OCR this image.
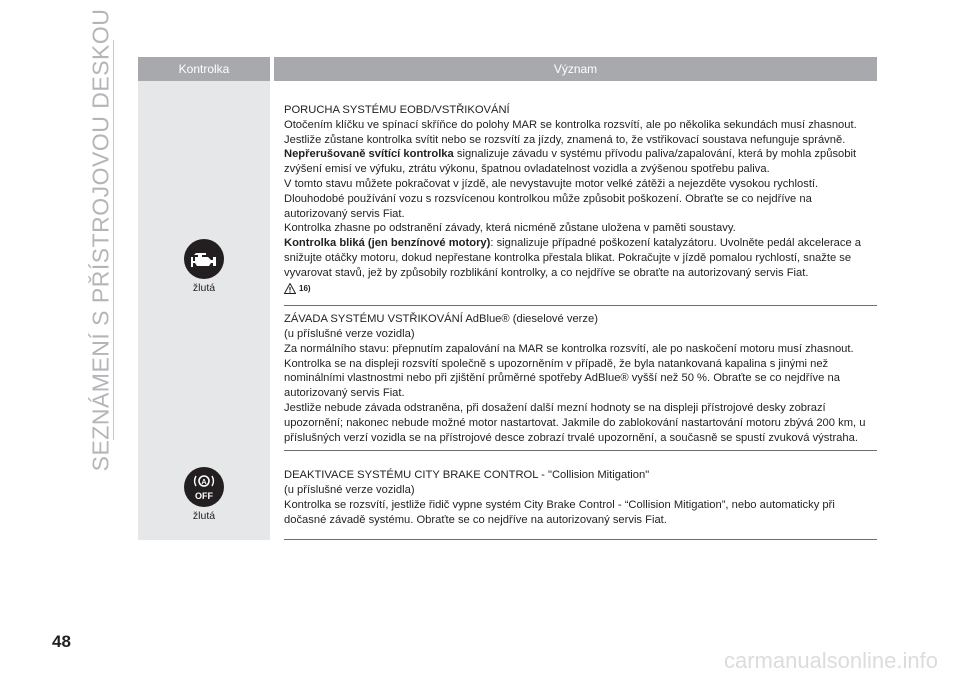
SEZNÁMENÍ S PŘÍSTROJOVOU DESKOU	Kontrolka	Význam
žlutá

PORUCHA SYSTÉMU EOBD/VSTŘIKOVÁNÍ

Otočením klíčku ve spínací skříňce do polohy MAR se kontrolka rozsvítí, ale po několika sekundách musí zhasnout.

Jestliže zůstane kontrolka svítit nebo se rozsvítí za jízdy, znamená to, že vstřikovací soustava nefunguje správně.

Nepřerušovaně svítící kontrolka signalizuje závadu v systému přívodu paliva/zapalování, která by mohla způsobit zvýšení emisí ve výfuku, ztrátu výkonu, špatnou ovladatelnost vozidla a zvýšenou spotřebu paliva.

V tomto stavu můžete pokračovat v jízdě, ale nevystavujte motor velké zátěži a nejezděte vysokou rychlostí. Dlouhodobé používání vozu s rozsvícenou kontrolkou může způsobit poškození. Obraťte se co nejdříve na autorizovaný servis Fiat.

Kontrolka zhasne po odstranění závady, která nicméně zůstane uložena v paměti soustavy.

Kontrolka bliká (jen benzínové motory): signalizuje případné poškození katalyzátoru. Uvolněte pedál akcelerace a snižujte otáčky motoru, dokud nepřestane kontrolka přestala blikat. Pokračujte v jízdě pomalou rychlostí, snažte se vyvarovat stavů, jež by způsobily rozblikání kontrolky, a co nejdříve se obraťte na autorizovaný servis Fiat.

16)

ZÁVADA SYSTÉMU VSTŘIKOVÁNÍ AdBlue® (dieselové verze)

(u příslušné verze vozidla)

Za normálního stavu: přepnutím zapalování na MAR se kontrolka rozsvítí, ale po naskočení motoru musí zhasnout. Kontrolka se na displeji rozsvítí společně s upozorněním v případě, že byla natankovaná kapalina s jinými než nominálními vlastnostmi nebo při zjištění průměrné spotřeby AdBlue® vyšší než 50 %. Obraťte se co nejdříve na autorizovaný servis Fiat.

Jestliže nebude závada odstraněna, při dosažení další mezní hodnoty se na displeji přístrojové desky zobrazí upozornění; nakonec nebude možné motor nastartovat. Jakmile do zablokování nastartování motoru zbývá 200 km, u příslušných verzí vozidla se na přístrojové desce zobrazí trvalé upozornění, a současně se spustí zvuková výstraha.

A
OFF
žlutá

DEAKTIVACE SYSTÉMU CITY BRAKE CONTROL - "Collision Mitigation"

(u příslušné verze vozidla)

Kontrolka se rozsvítí, jestliže řidič vypne systém City Brake Control - “Collision Mitigation”, nebo automaticky při dočasné závadě systému. Obraťte se co nejdříve na autorizovaný servis Fiat.

48
carmanualsonline.info
